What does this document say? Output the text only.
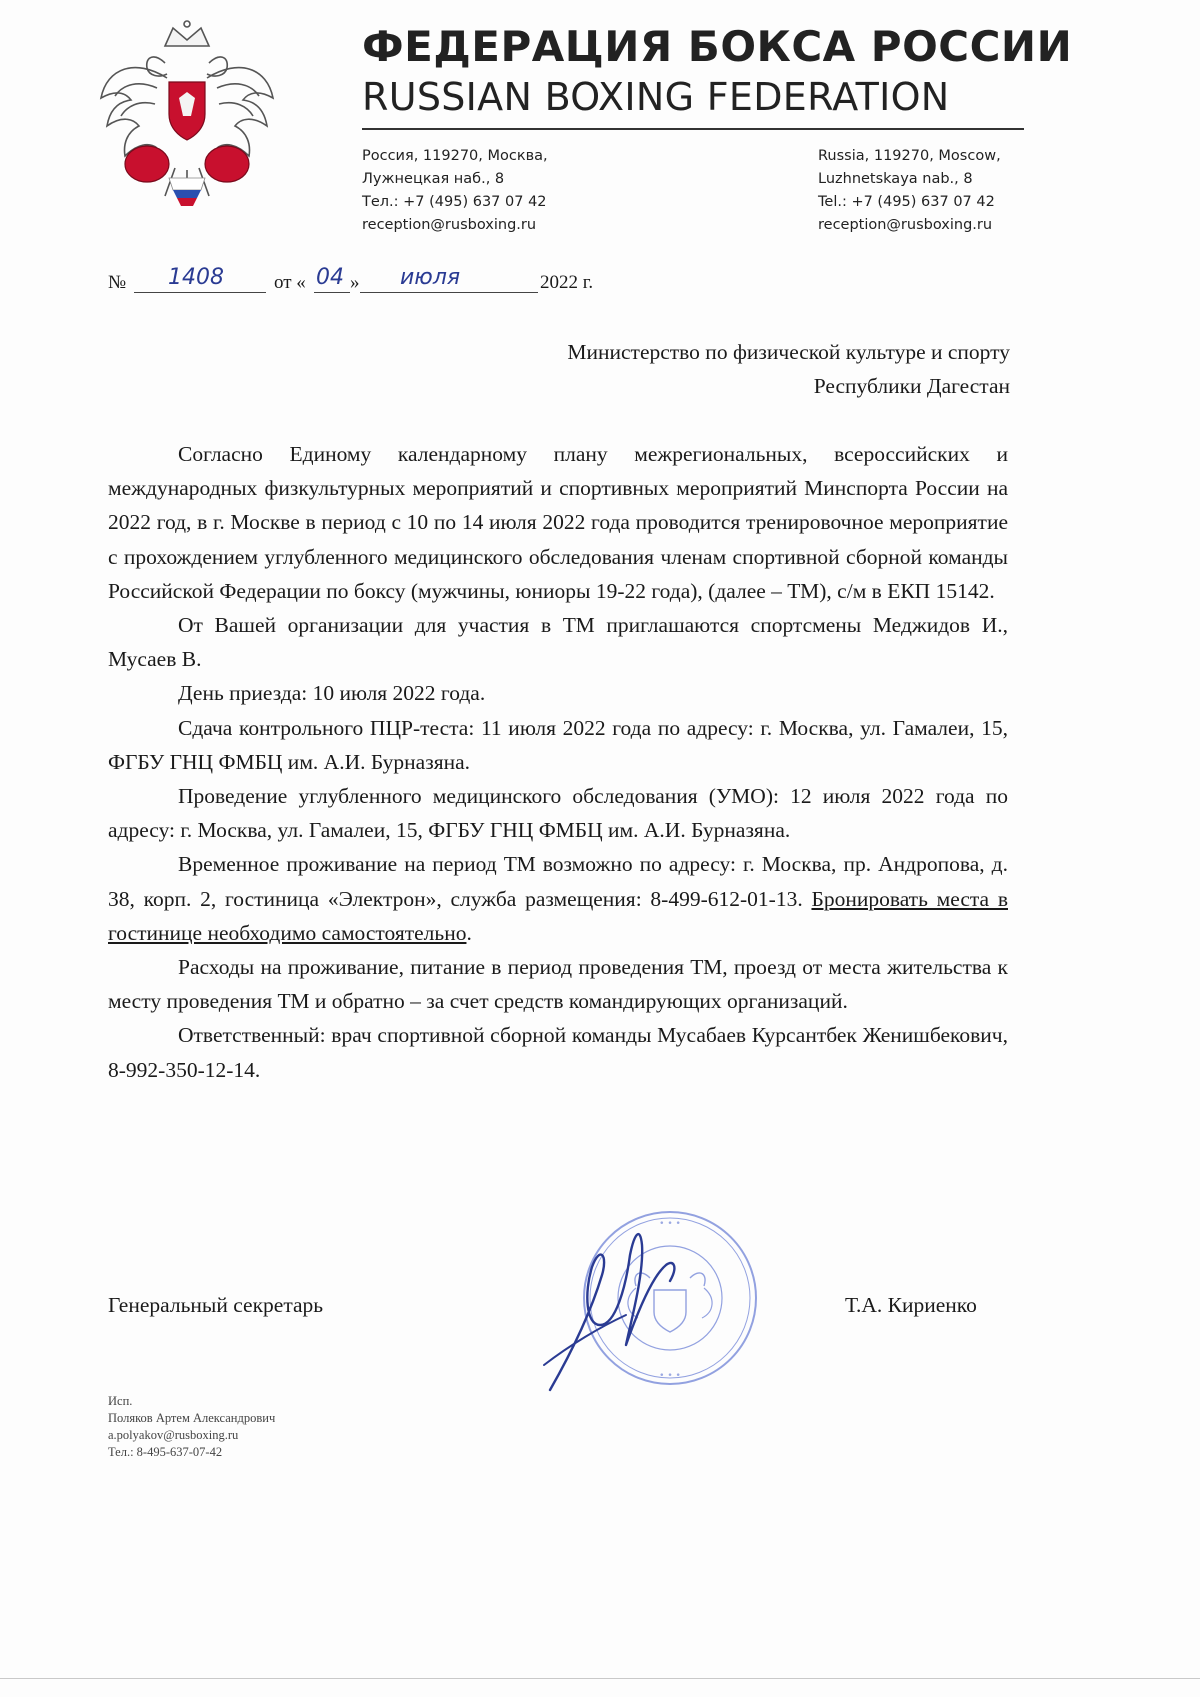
ФЕДЕРАЦИЯ БОКСА РОССИИ
RUSSIAN BOXING FEDERATION
Россия, 119270, Москва,
Лужнецкая наб., 8
Тел.: +7 (495) 637 07 42
reception@rusboxing.ru
Russia, 119270, Moscow,
Luzhnetskaya nab., 8
Tel.: +7 (495) 637 07 42
reception@rusboxing.ru
№ 1408	от « 04 » июля	2022 г.
Министерство по физической культуре и спорту
Республики Дагестан

Согласно Единому календарному плану межрегиональных, всероссийских и международных физкультурных мероприятий и спортивных мероприятий Минспорта России на 2022 год, в г. Москве в период с 10 по 14 июля 2022 года проводится тренировочное мероприятие с прохождением углубленного медицинского обследования членам спортивной сборной команды Российской Федерации по боксу (мужчины, юниоры 19-22 года), (далее – ТМ), с/м в ЕКП 15142.

От Вашей организации для участия в ТМ приглашаются спортсмены Меджидов И., Мусаев В.

День приезда: 10 июля 2022 года.

Сдача контрольного ПЦР-теста: 11 июля 2022 года по адресу: г. Москва, ул. Гамалеи, 15, ФГБУ ГНЦ ФМБЦ им. А.И. Бурназяна.

Проведение углубленного медицинского обследования (УМО): 12 июля 2022 года по адресу: г. Москва, ул. Гамалеи, 15, ФГБУ ГНЦ ФМБЦ им. А.И. Бурназяна.

Временное проживание на период ТМ возможно по адресу: г. Москва, пр. Андропова, д. 38, корп. 2, гостиница «Электрон», служба размещения: 8-499-612-01-13. Бронировать места в гостинице необходимо самостоятельно.

Расходы на проживание, питание в период проведения ТМ, проезд от места жительства к месту проведения ТМ и обратно – за счет средств командирующих организаций.

Ответственный: врач спортивной сборной команды Мусабаев Курсантбек Женишбекович, 8-992-350-12-14.

• • •
• • •
Генеральный секретарь	Т.А. Кириенко
Исп.
Поляков Артем Александрович
a.polyakov@rusboxing.ru
Тел.: 8-495-637-07-42
